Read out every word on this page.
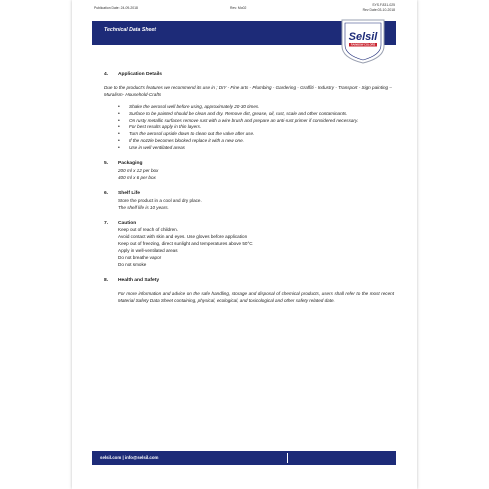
Publication Date: 24-09-2018	Rev: Mo02
SYS.F.831-025
Rev Date:03-10-2018
Technical Data Sheet
Selsil
RAINBOW COLORS
4. Application Details
Due to the product's features we recommend its use in ; DIY - Fine arts - Plumbing - Gardering - Graffiti - Industry - Transport - Sign painting – Muralism- Household-Crafts
•	Shake the aerosol well before using, approximately 20-30 times.
•	Surface to be painted should be clean and dry. Remove dirt, grease, oil, rust, scale and other contaminants.
•	On rusty metallic surfaces remove rust with a wire brush and prepare an anti-rust primer if considered necessary.
•	For best results apply in thin layers.
•	Turn the aerosol upside down to clean out the valve after use.
•	If the nozzle becomes blocked replace it with a new one.
•	Use in well ventilated areas
5. Packaging
200 ml x 12 per box
400 ml x 6 per box
6. Shelf Life
Store the product in a cool and dry place.
The shelf life is 10 years.
7. Caution
Keep out of reach of children.
Avoid contact with skin and eyes. Use gloves before application
Keep out of freezing, direct sunlight and temperatures above 50°C
Apply in well-ventilated areas
Do not breathe vapor
Do not smoke
8. Health and Safety
For more information and advice on the safe handling, storage and disposal of chemical products, users shall refer to the most recent Material Safety Data Sheet containing, physical, ecological, and toxicological and other safety related date.
selsil.com | info@selsil.com
